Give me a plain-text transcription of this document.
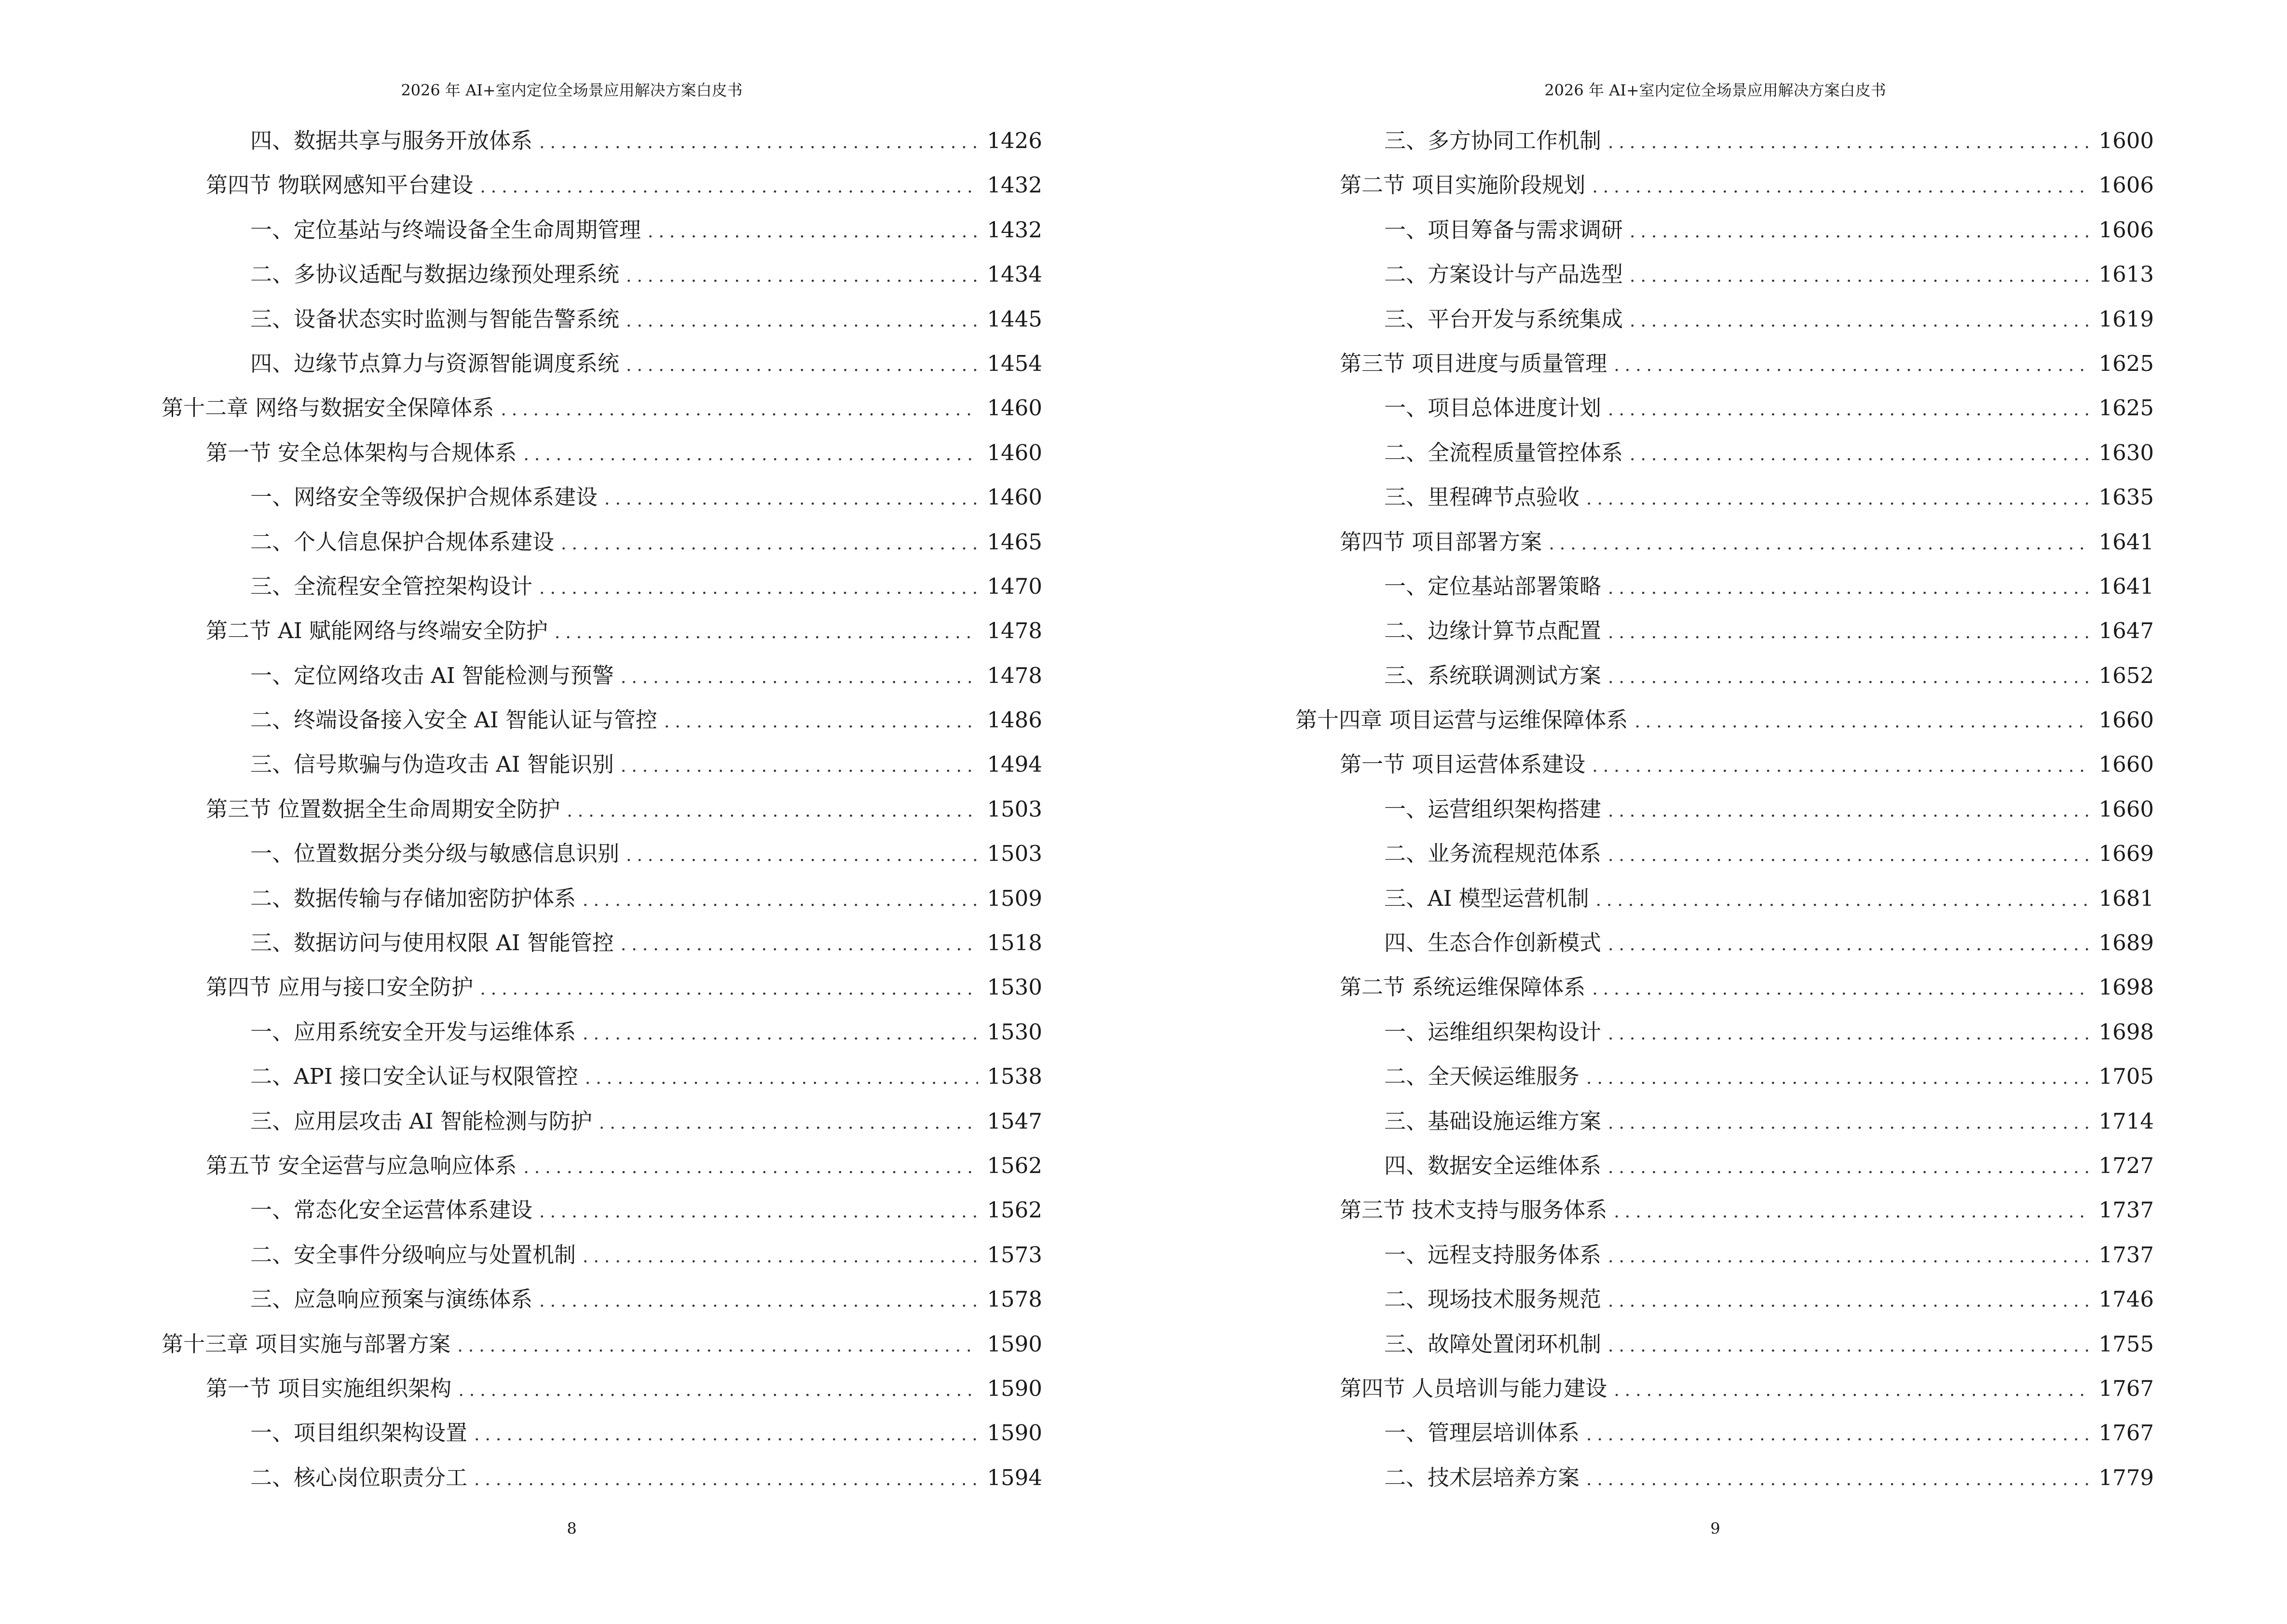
2026 年 AI+室内定位全场景应用解决方案白皮书
四、数据共享与服务开放体系 .....	1426
第四节 物联网感知平台建设 .....	1432
一、定位基站与终端设备全生命周期管理 .....	1432
二、多协议适配与数据边缘预处理系统 .....	1434
三、设备状态实时监测与智能告警系统 .....	1445
四、边缘节点算力与资源智能调度系统 .....	1454
第十二章 网络与数据安全保障体系 .....	1460
第一节 安全总体架构与合规体系 .....	1460
一、网络安全等级保护合规体系建设 .....	1460
二、个人信息保护合规体系建设 .....	1465
三、全流程安全管控架构设计 .....	1470
第二节 AI 赋能网络与终端安全防护 .....	1478
一、定位网络攻击 AI 智能检测与预警 .....	1478
二、终端设备接入安全 AI 智能认证与管控 .....	1486
三、信号欺骗与伪造攻击 AI 智能识别 .....	1494
第三节 位置数据全生命周期安全防护 .....	1503
一、位置数据分类分级与敏感信息识别 .....	1503
二、数据传输与存储加密防护体系 .....	1509
三、数据访问与使用权限 AI 智能管控 .....	1518
第四节 应用与接口安全防护 .....	1530
一、应用系统安全开发与运维体系 .....	1530
二、API 接口安全认证与权限管控 .....	1538
三、应用层攻击 AI 智能检测与防护 .....	1547
第五节 安全运营与应急响应体系 .....	1562
一、常态化安全运营体系建设 .....	1562
二、安全事件分级响应与处置机制 .....	1573
三、应急响应预案与演练体系 .....	1578
第十三章 项目实施与部署方案 .....	1590
第一节 项目实施组织架构 .....	1590
一、项目组织架构设置 .....	1590
二、核心岗位职责分工 .....	1594
8
2026 年 AI+室内定位全场景应用解决方案白皮书
三、多方协同工作机制 .....	1600
第二节 项目实施阶段规划 .....	1606
一、项目筹备与需求调研 .....	1606
二、方案设计与产品选型 .....	1613
三、平台开发与系统集成 .....	1619
第三节 项目进度与质量管理 .....	1625
一、项目总体进度计划 .....	1625
二、全流程质量管控体系 .....	1630
三、里程碑节点验收 .....	1635
第四节 项目部署方案 .....	1641
一、定位基站部署策略 .....	1641
二、边缘计算节点配置 .....	1647
三、系统联调测试方案 .....	1652
第十四章 项目运营与运维保障体系 .....	1660
第一节 项目运营体系建设 .....	1660
一、运营组织架构搭建 .....	1660
二、业务流程规范体系 .....	1669
三、AI 模型运营机制 .....	1681
四、生态合作创新模式 .....	1689
第二节 系统运维保障体系 .....	1698
一、运维组织架构设计 .....	1698
二、全天候运维服务 .....	1705
三、基础设施运维方案 .....	1714
四、数据安全运维体系 .....	1727
第三节 技术支持与服务体系 .....	1737
一、远程支持服务体系 .....	1737
二、现场技术服务规范 .....	1746
三、故障处置闭环机制 .....	1755
第四节 人员培训与能力建设 .....	1767
一、管理层培训体系 .....	1767
二、技术层培养方案 .....	1779
9
